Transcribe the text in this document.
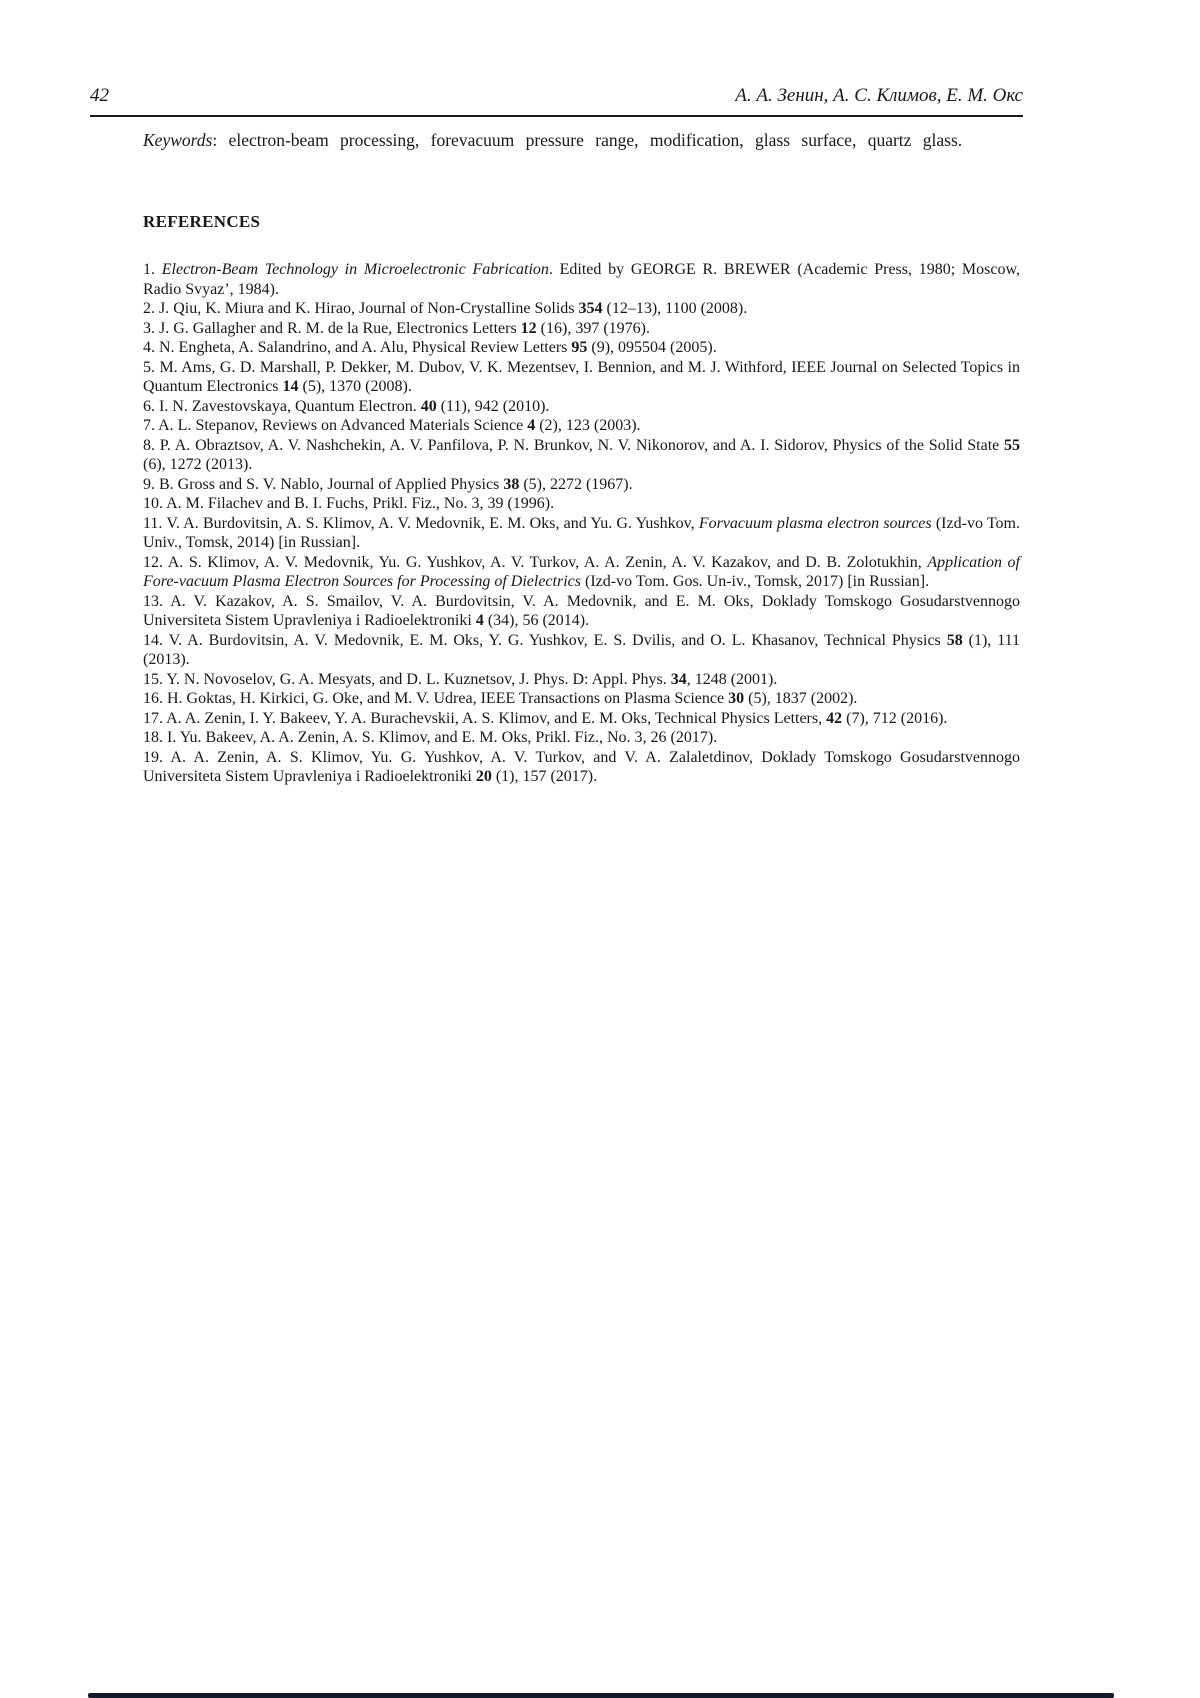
42	А. А. Зенин, А. С. Климов, Е. М. Окс

Keywords: electron-beam processing, forevacuum pressure range, modification, glass surface, quartz glass.

REFERENCES

1. Electron-Beam Technology in Microelectronic Fabrication. Edited by GEORGE R. BREWER (Academic Press, 1980; Moscow, Radio Svyaz’, 1984).

2. J. Qiu, K. Miura and K. Hirao, Journal of Non-Crystalline Solids 354 (12–13), 1100 (2008).

3. J. G. Gallagher and R. M. de la Rue, Electronics Letters 12 (16), 397 (1976).

4. N. Engheta, A. Salandrino, and A. Alu, Physical Review Letters 95 (9), 095504 (2005).

5. M. Ams, G. D. Marshall, P. Dekker, M. Dubov, V. K. Mezentsev, I. Bennion, and M. J. Withford, IEEE Journal on Selected Topics in Quantum Electronics 14 (5), 1370 (2008).

6. I. N. Zavestovskaya, Quantum Electron. 40 (11), 942 (2010).

7. A. L. Stepanov, Reviews on Advanced Materials Science 4 (2), 123 (2003).

8. P. A. Obraztsov, A. V. Nashchekin, A. V. Panfilova, P. N. Brunkov, N. V. Nikonorov, and A. I. Sidorov, Physics of the Solid State 55 (6), 1272 (2013).

9. B. Gross and S. V. Nablo, Journal of Applied Physics 38 (5), 2272 (1967).

10. A. M. Filachev and B. I. Fuchs, Prikl. Fiz., No. 3, 39 (1996).

11. V. A. Burdovitsin, A. S. Klimov, A. V. Medovnik, E. M. Oks, and Yu. G. Yushkov, Forvacuum plasma electron sources (Izd-vo Tom. Univ., Tomsk, 2014) [in Russian].

12. A. S. Klimov, A. V. Medovnik, Yu. G. Yushkov, A. V. Turkov, A. A. Zenin, A. V. Kazakov, and D. B. Zolotukhin, Application of Fore-vacuum Plasma Electron Sources for Processing of Dielectrics (Izd-vo Tom. Gos. Un-iv., Tomsk, 2017) [in Russian].

13. A. V. Kazakov, A. S. Smailov, V. A. Burdovitsin, V. A. Medovnik, and E. M. Oks, Doklady Tomskogo Gosudarstvennogo Universiteta Sistem Upravleniya i Radioelektroniki 4 (34), 56 (2014).

14. V. A. Burdovitsin, A. V. Medovnik, E. M. Oks, Y. G. Yushkov, E. S. Dvilis, and O. L. Khasanov, Technical Physics 58 (1), 111 (2013).

15. Y. N. Novoselov, G. A. Mesyats, and D. L. Kuznetsov, J. Phys. D: Appl. Phys. 34, 1248 (2001).

16. H. Goktas, H. Kirkici, G. Oke, and M. V. Udrea, IEEE Transactions on Plasma Science 30 (5), 1837 (2002).

17. A. A. Zenin, I. Y. Bakeev, Y. A. Burachevskii, A. S. Klimov, and E. M. Oks, Technical Physics Letters, 42 (7), 712 (2016).

18. I. Yu. Bakeev, A. A. Zenin, A. S. Klimov, and E. M. Oks, Prikl. Fiz., No. 3, 26 (2017).

19. A. A. Zenin, A. S. Klimov, Yu. G. Yushkov, A. V. Turkov, and V. A. Zalaletdinov, Doklady Tomskogo Gosudarstvennogo Universiteta Sistem Upravleniya i Radioelektroniki 20 (1), 157 (2017).
